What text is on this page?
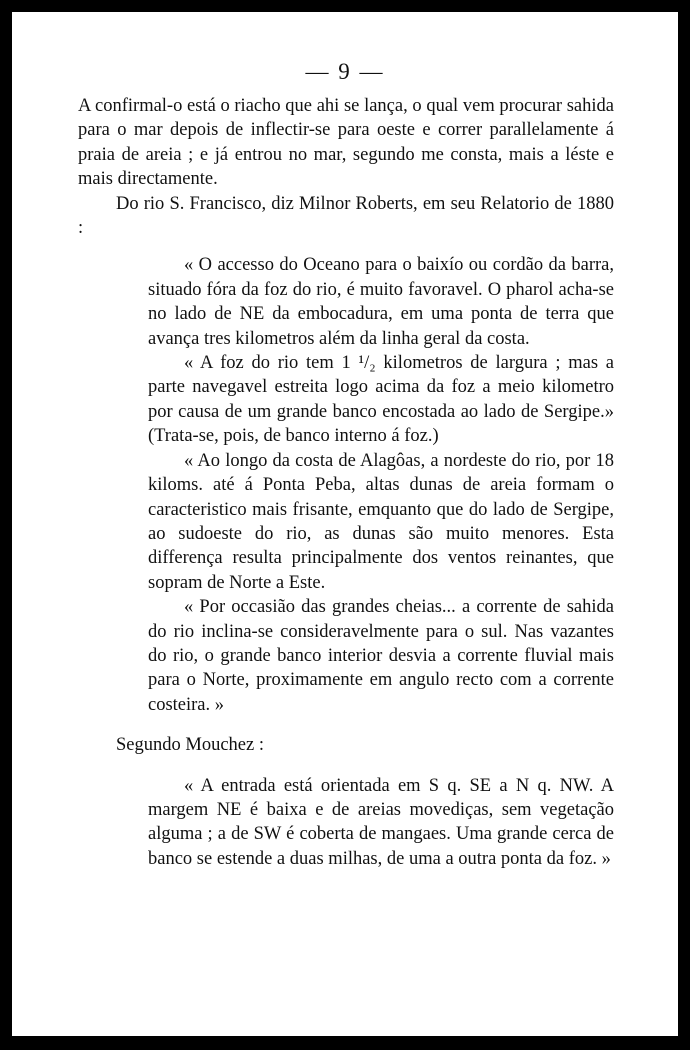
— 9 —

A confirmal-o está o riacho que ahi se lança, o qual vem procurar sahida para o mar depois de inflectir-se para oeste e correr parallelamente á praia de areia ; e já entrou no mar, segundo me consta, mais a léste e mais directamente.

Do rio S. Francisco, diz Milnor Roberts, em seu Relatorio de 1880 :

« O accesso do Oceano para o baixío ou cordão da barra, situado fóra da foz do rio, é muito favoravel. O pharol acha-se no lado de NE da embocadura, em uma ponta de terra que avança tres kilometros além da linha geral da costa.

« A foz do rio tem 1 ¹/₂ kilometros de largura ; mas a parte navegavel estreita logo acima da foz a meio kilometro por causa de um grande banco encostada ao lado de Sergipe.» (Trata-se, pois, de banco interno á foz.)

« Ao longo da costa de Alagôas, a nordeste do rio, por 18 kiloms. até á Ponta Peba, altas dunas de areia formam o caracteristico mais frisante, emquanto que do lado de Sergipe, ao sudoeste do rio, as dunas são muito menores. Esta differença resulta principalmente dos ventos reinantes, que sopram de Norte a Este.

« Por occasião das grandes cheias... a corrente de sahida do rio inclina-se consideravelmente para o sul. Nas vazantes do rio, o grande banco interior desvia a corrente fluvial mais para o Norte, proximamente em angulo recto com a corrente costeira. »

Segundo Mouchez :

« A entrada está orientada em S q. SE a N q. NW. A margem NE é baixa e de areias movediças, sem vegetação alguma ; a de SW é coberta de mangaes. Uma grande cerca de banco se estende a duas milhas, de uma a outra ponta da foz. »
